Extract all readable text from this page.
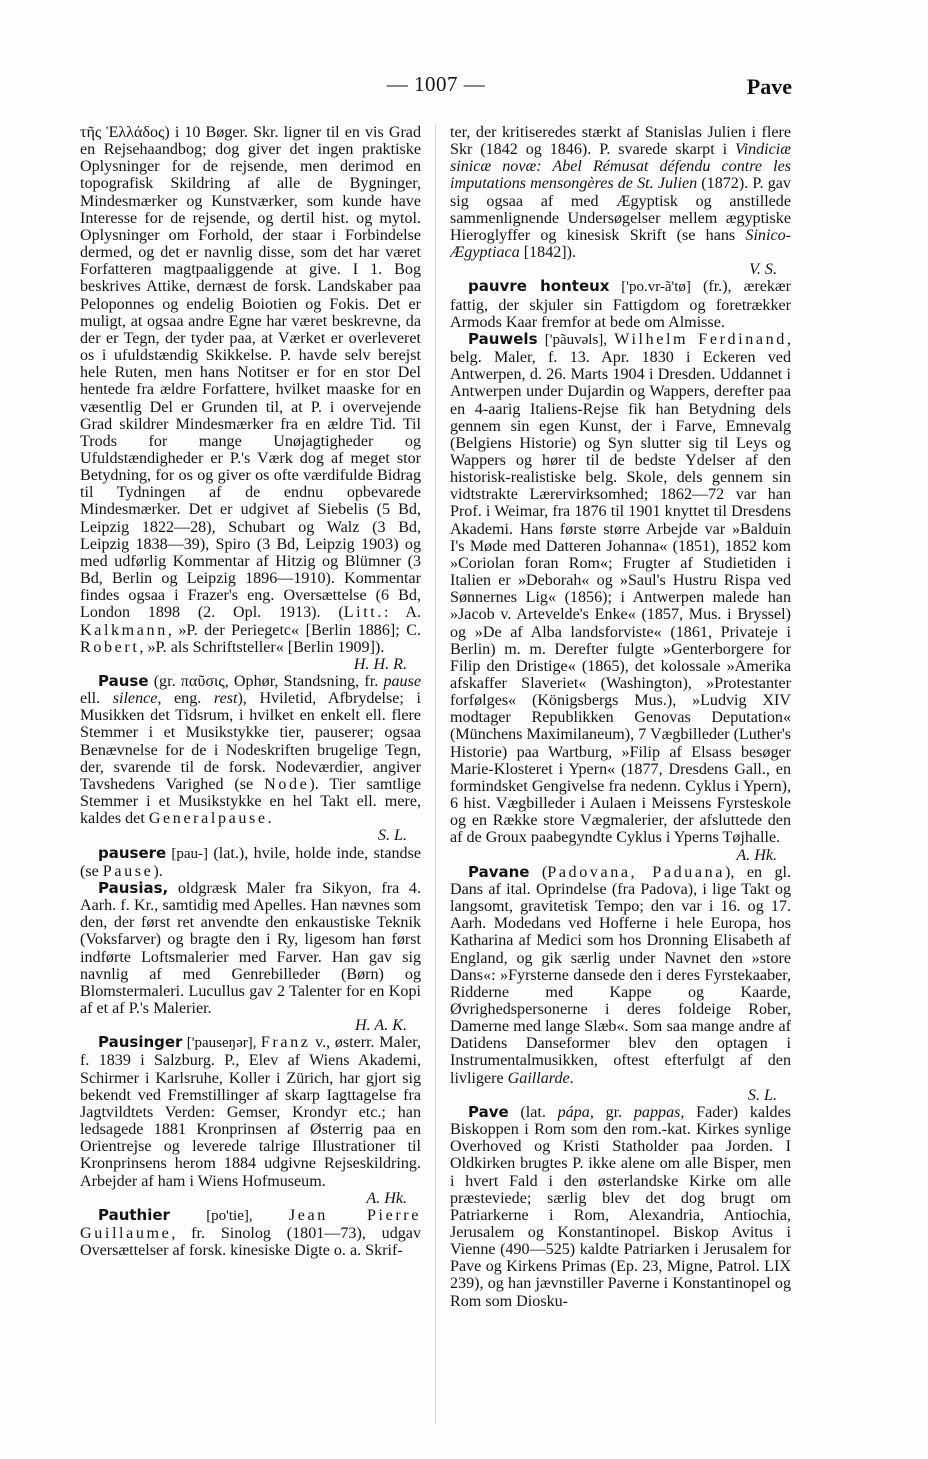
— 1007 —	Pave

τῆς Ἑλλάδος) i 10 Bøger. Skr. ligner til en vis Grad en Rejsehaandbog; dog giver det ingen praktiske Oplysninger for de rejsende, men derimod en topografisk Skildring af alle de Bygninger, Mindesmærker og Kunstværker, som kunde have Interesse for de rejsende, og dertil hist. og mytol. Oplysninger om Forhold, der staar i Forbindelse dermed, og det er navnlig disse, som det har været Forfatteren magtpaaliggende at give. I 1. Bog beskrives Attike, dernæst de forsk. Landskaber paa Peloponnes og endelig Boiotien og Fokis. Det er muligt, at ogsaa andre Egne har været beskrevne, da der er Tegn, der tyder paa, at Værket er overleveret os i ufuldstændig Skikkelse. P. havde selv berejst hele Ruten, men hans Notitser er for en stor Del hentede fra ældre Forfattere, hvilket maaske for en væsentlig Del er Grunden til, at P. i overvejende Grad skildrer Mindesmærker fra en ældre Tid. Til Trods for mange Unøjagtigheder og Ufuldstændigheder er P.'s Værk dog af meget stor Betydning, for os og giver os ofte værdifulde Bidrag til Tydningen af de endnu opbevarede Mindesmærker. Det er udgivet af Siebelis (5 Bd, Leipzig 1822—28), Schubart og Walz (3 Bd, Leipzig 1838—39), Spiro (3 Bd, Leipzig 1903) og med udførlig Kommentar af Hitzig og Blümner (3 Bd, Berlin og Leipzig 1896—1910). Kommentar findes ogsaa i Frazer's eng. Oversættelse (6 Bd, London 1898 (2. Opl. 1913). (Litt.: A. Kalkmann, »P. der Periegetc« [Berlin 1886]; C. Robert, »P. als Schriftsteller« [Berlin 1909]).
H. H. R.

Pause (gr. παῦσις, Ophør, Standsning, fr. pause ell. silence, eng. rest), Hviletid, Afbrydelse; i Musikken det Tidsrum, i hvilket en enkelt ell. flere Stemmer i et Musikstykke tier, pauserer; ogsaa Benævnelse for de i Nodeskriften brugelige Tegn, der, svarende til de forsk. Nodeværdier, angiver Tavshedens Varighed (se Node). Tier samtlige Stemmer i et Musikstykke en hel Takt ell. mere, kaldes det Generalpause.
S. L.

pausere [pau-] (lat.), hvile, holde inde, standse (se Pause).

Pausias, oldgræsk Maler fra Sikyon, fra 4. Aarh. f. Kr., samtidig med Apelles. Han nævnes som den, der først ret anvendte den enkaustiske Teknik (Voksfarver) og bragte den i Ry, ligesom han først indførte Loftsmalerier med Farver. Han gav sig navnlig af med Genrebilleder (Børn) og Blomstermaleri. Lucullus gav 2 Talenter for en Kopi af et af P.'s Malerier.
H. A. K.

Pausinger ['pauseŋər], Franz v., østerr. Maler, f. 1839 i Salzburg. P., Elev af Wiens Akademi, Schirmer i Karlsruhe, Koller i Zürich, har gjort sig bekendt ved Fremstillinger af skarp Iagttagelse fra Jagtvildtets Verden: Gemser, Krondyr etc.; han ledsagede 1881 Kronprinsen af Østerrig paa en Orientrejse og leverede talrige Illustrationer til Kronprinsens herom 1884 udgivne Rejseskildring. Arbejder af ham i Wiens Hofmuseum.
A. Hk.

Pauthier [po'tie], Jean Pierre Guillaume, fr. Sinolog (1801—73), udgav Oversættelser af forsk. kinesiske Digte o. a. Skrif-

ter, der kritiseredes stærkt af Stanislas Julien i flere Skr (1842 og 1846). P. svarede skarpt i Vindiciæ sinicæ novæ: Abel Rémusat défendu contre les imputations mensongères de St. Julien (1872). P. gav sig ogsaa af med Ægyptisk og anstillede sammenlignende Undersøgelser mellem ægyptiske Hieroglyffer og kinesisk Skrift (se hans Sinico-Ægyptiaca [1842]).
V. S.

pauvre honteux ['po.vr-ã'tø] (fr.), ærekær fattig, der skjuler sin Fattigdom og foretrækker Armods Kaar fremfor at bede om Almisse.

Pauwels ['pãuvəls], Wilhelm Ferdinand, belg. Maler, f. 13. Apr. 1830 i Eckeren ved Antwerpen, d. 26. Marts 1904 i Dresden. Uddannet i Antwerpen under Dujardin og Wappers, derefter paa en 4-aarig Italiens-Rejse fik han Betydning dels gennem sin egen Kunst, der i Farve, Emnevalg (Belgiens Historie) og Syn slutter sig til Leys og Wappers og hører til de bedste Ydelser af den historisk-realistiske belg. Skole, dels gennem sin vidtstrakte Lærervirksomhed; 1862—72 var han Prof. i Weimar, fra 1876 til 1901 knyttet til Dresdens Akademi. Hans første større Arbejde var »Balduin I's Møde med Datteren Johanna« (1851), 1852 kom »Coriolan foran Rom«; Frugter af Studietiden i Italien er »Deborah« og »Saul's Hustru Rispa ved Sønnernes Lig« (1856); i Antwerpen malede han »Jacob v. Artevelde's Enke« (1857, Mus. i Bryssel) og »De af Alba landsforviste« (1861, Privateje i Berlin) m. m. Derefter fulgte »Genterborgere for Filip den Dristige« (1865), det kolossale »Amerika afskaffer Slaveriet« (Washington), »Protestanter forfølges« (Königsbergs Mus.), »Ludvig XIV modtager Republikken Genovas Deputation« (Münchens Maximilaneum), 7 Vægbilleder (Luther's Historie) paa Wartburg, »Filip af Elsass besøger Marie-Klosteret i Ypern« (1877, Dresdens Gall., en formindsket Gengivelse fra nedenn. Cyklus i Ypern), 6 hist. Vægbilleder i Aulaen i Meissens Fyrsteskole og en Række store Vægmalerier, der afsluttede den af de Groux paabegyndte Cyklus i Yperns Tøjhalle.
A. Hk.

Pavane (Padovana, Paduana), en gl. Dans af ital. Oprindelse (fra Padova), i lige Takt og langsomt, gravitetisk Tempo; den var i 16. og 17. Aarh. Modedans ved Hofferne i hele Europa, hos Katharina af Medici som hos Dronning Elisabeth af England, og gik særlig under Navnet den »store Dans«: »Fyrsterne dansede den i deres Fyrstekaaber, Ridderne med Kappe og Kaarde, Øvrighedspersonerne i deres foldeige Rober, Damerne med lange Slæb«. Som saa mange andre af Datidens Danseformer blev den optagen i Instrumentalmusikken, oftest efterfulgt af den livligere Gaillarde.
S. L.

Pave (lat. pápa, gr. pappas, Fader) kaldes Biskoppen i Rom som den rom.-kat. Kirkes synlige Overhoved og Kristi Statholder paa Jorden. I Oldkirken brugtes P. ikke alene om alle Bisper, men i hvert Fald i den østerlandske Kirke om alle præsteviede; særlig blev det dog brugt om Patriarkerne i Rom, Alexandria, Antiochia, Jerusalem og Konstantinopel. Biskop Avitus i Vienne (490—525) kaldte Patriarken i Jerusalem for Pave og Kirkens Primas (Ep. 23, Migne, Patrol. LIX 239), og han jævnstiller Paverne i Konstantinopel og Rom som Diosku-
